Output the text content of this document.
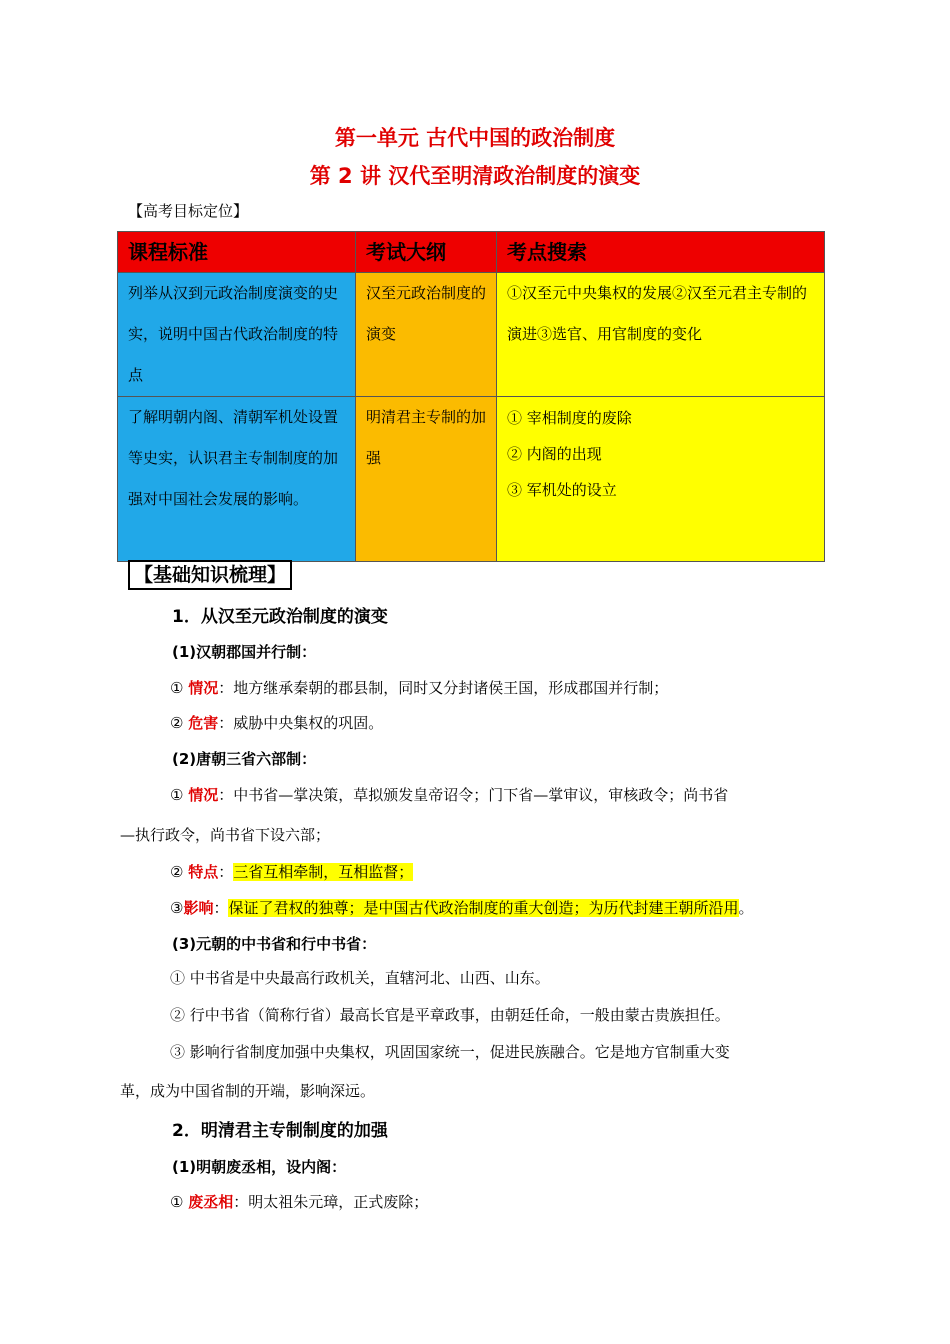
第一单元 古代中国的政治制度
第 2 讲 汉代至明清政治制度的演变
【高考目标定位】
课程标准	考试大纲	考点搜索
列举从汉到元政治制度演变的史实，说明中国古代政治制度的特点	汉至元政治制度的演变	①汉至元中央集权的发展②汉至元君主专制的演进③选官、用官制度的变化
了解明朝内阁、清朝军机处设置等史实，认识君主专制制度的加强对中国社会发展的影响。	明清君主专制的加强	① 宰相制度的废除
② 内阁的出现
③ 军机处的设立
【基础知识梳理】
1．从汉至元政治制度的演变
(1)汉朝郡国并行制：
① 情况：地方继承秦朝的郡县制，同时又分封诸侯王国，形成郡国并行制；
② 危害：威胁中央集权的巩固。
(2)唐朝三省六部制：
① 情况：中书省—掌决策，草拟颁发皇帝诏令；门下省—掌审议，审核政令；尚书省
—执行政令，尚书省下设六部；
② 特点：三省互相牵制，互相监督；
③影响：保证了君权的独尊；是中国古代政治制度的重大创造；为历代封建王朝所沿用。
(3)元朝的中书省和行中书省：
① 中书省是中央最高行政机关，直辖河北、山西、山东。
② 行中书省（简称行省）最高长官是平章政事，由朝廷任命，一般由蒙古贵族担任。
③ 影响行省制度加强中央集权，巩固国家统一，促进民族融合。它是地方官制重大变
革，成为中国省制的开端，影响深远。
2．明清君主专制制度的加强
(1)明朝废丞相，设内阁：
① 废丞相：明太祖朱元璋，正式废除；
